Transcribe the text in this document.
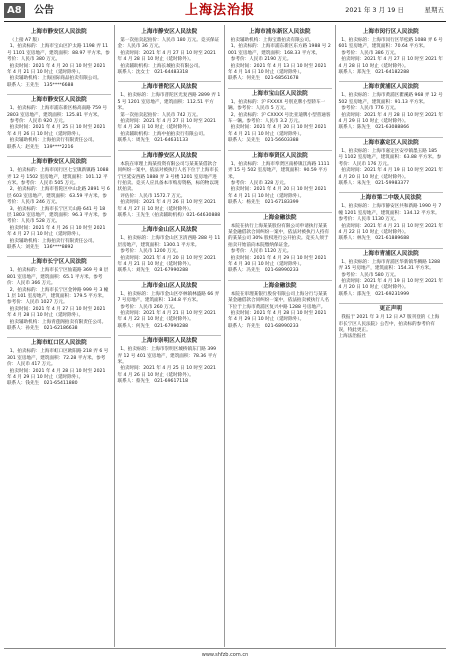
A8	公告	上海法治报	2021 年 3 月 19 日	星期五
上海市静安区人民法院
（上接 A7 版）
1、拍卖标的：上海市宝山区沪太路 1198 弄 11 号 1101 室房地产，建筑面积：88.97 平方米。参考价：人民币 380 万元。
拍卖时间：2021 年 4 月 20 日 10 时至 2021 年 4 月 21 日 10 时止（延时除外）。
拍卖辅助机构：上海国际商品拍卖有限公司。
联系人：王先生　135****6688
上海市静安区人民法院
1、拍卖标的：上海市浦东新区杨高南路 759 号 2803 室房地产，建筑面积：125.81 平方米。
参考价：人民币 920 万元。
拍卖时间：2021 年 4 月 25 日 10 时至 2021 年 4 月 26 日 10 时止（延时除外）。
拍卖辅助机构：上海拍卖行有限责任公司。
联系人：赵先生　139****2216
上海市静安区人民法院
1、拍卖标的：上海市闵行区七宝镇新镇路 1088 弄 12 号 1502 室房地产，建筑面积：101.12 平方米。参考价：人民币 505 万元。
2、拍卖标的：上海市普陀区中山北路 2891 号 6 层 603 室房地产，建筑面积：63.59 平方米。参考价：人民币 246 万元。
3、拍卖标的：上海市长宁区天山路 641 号 18 层 1803 室房地产，建筑面积：96.3 平方米。参考价：人民币 528 万元。
拍卖时间：2021 年 4 月 26 日 10 时至 2021 年 4 月 27 日 10 时止（延时除外）。
拍卖辅助机构：上海拍卖行有限责任公司。
联系人：刘先生　136****8892
上海市长宁区人民法院
1、拍卖标的：上海市长宁区仙霞路 369 号 8 层 801 室房地产，建筑面积：65.1 平方米。参考价：人民币 366 万元。
2、拍卖标的：上海市长宁区金钟路 999 号 3 幢 1 层 101 室房地产，建筑面积：179.5 平方米。参考价：人民币 1027 万元。
拍卖时间：2021 年 4 月 27 日 10 时至 2021 年 4 月 28 日 10 时止（延时除外）。
拍卖辅助机构：上海青莲阁拍卖有限责任公司。
联系人：孙先生　021-62186638
上海市虹口区人民法院
1、拍卖标的：上海市虹口区欧阳路 218 弄 6 号 301 室房地产，建筑面积：72.28 平方米。参考价：人民币 417 万元。
拍卖时间：2021 年 4 月 28 日 10 时至 2021 年 4 月 29 日 10 时止（延时除外）。
联系人：钱先生　021-65411880
上海市静安区人民法院
第一次拍卖起拍价：人民币 180 万元。竞买保证金：人民币 36 万元。
拍卖时间：2021 年 4 月 27 日 10 时至 2021 年 4 月 28 日 10 时止（延时除外）。
拍卖辅助机构：上海长城拍卖有限公司。
联系人：沈女士　021-64483318
上海市普陀区人民法院
1、拍卖标的：上海市普陀区光复西路 2899 弄 15 号 1201 室房地产，建筑面积：112.51 平方米。
第一次拍卖起拍价：人民币 742 万元。
拍卖时间：2021 年 4 月 27 日 10 时至 2021 年 4 月 28 日 10 时止（延时除外）。
拍卖辅助机构：上海中拍拍卖行有限公司。
联系人：周先生　021-64631133
上海市静安区人民法院
本院在审理上海某投资有限公司与某某某借款合同纠纷一案中，依法对被执行人名下位于上海市长宁区延安西路 1888 弄 3 号楼 1201 室房地产进行拍卖。竞买人应具备本市购房资格，标的物以现状拍卖。
评估价：人民币 1572.7 万元。
拍卖时间：2021 年 4 月 26 日 10 时至 2021 年 4 月 27 日 10 时止（延时除外）。
联系人：王先生（拍卖辅助机构）021-64630888
上海市金山区人民法院
1、拍卖标的：上海市金山区卫清西路 288 号 11 层房地产，建筑面积：1300.1 平方米。
参考价：人民币 1200 万元。
拍卖时间：2021 年 4 月 20 日 10 时至 2021 年 4 月 21 日 10 时止（延时除外）。
联系人：刘先生　021-67990288
上海市金山区人民法院
1、拍卖标的：上海市金山区亭林镇林盛路 66 弄 7 号房地产，建筑面积：134.8 平方米。
参考价：人民币 260 万元。
拍卖时间：2021 年 4 月 21 日 10 时至 2021 年 4 月 22 日 10 时止（延时除外）。
联系人：何先生　021-67990288
上海市崇明区人民法院
1、拍卖标的：上海市崇明区城桥镇东门路 399 弄 12 号 401 室房地产，建筑面积：78.36 平方米。
拍卖时间：2021 年 4 月 25 日 10 时至 2021 年 4 月 26 日 10 时止（延时除外）。
联系人：蔡先生　021-69617118
上海市浦东新区人民法院
拍卖辅助机构：上海宝鼎拍卖有限公司。
1、拍卖标的：上海市浦东新区东方路 1988 号 2001 室房地产，建筑面积：168.33 平方米。
参考价：人民币 2190 万元。
拍卖时间：2021 年 4 月 13 日 10 时至 2021 年 4 月 14 日 10 时止（延时除外）。
联系人：何先生　021-68561678
上海市宝山区人民法院
1、拍卖标的：沪 FXXXX 号别克牌小型轿车一辆。参考价：人民币 5 万元。
2、拍卖标的：沪 CXXXX 号比亚迪牌小型普通客车一辆。参考价：人民币 3.2 万元。
拍卖时间：2021 年 4 月 20 日 10 时至 2021 年 4 月 21 日 10 时止（延时除外）。
联系人：吴先生　021-56603388
上海市奉贤区人民法院
1、拍卖标的：上海市奉贤区南桥镇江海路 1111 弄 15 号 502 室房地产，建筑面积：90.59 平方米。
参考价：人民币 328 万元。
拍卖时间：2021 年 4 月 20 日 10 时至 2021 年 4 月 21 日 10 时止（延时除外）。
联系人：杨先生　021-67183399
上海金融法院
本院在执行上海某某股份有限公司申请执行某某某金融借款合同纠纷一案中，依法对被执行人持有的某某公司 30% 股权进行公开拍卖。竞买人须于拍卖开始前向本院缴纳保证金。
参考价：人民币 1120 万元。
拍卖时间：2021 年 4 月 29 日 10 时至 2021 年 4 月 30 日 10 时止（延时除外）。
联系人：冯先生　021-68990233
上海金融法院
本院在审理某银行股份有限公司上海分行与某某某金融借款合同纠纷一案中，依法拍卖被执行人名下位于上海市黄浦区复兴中路 1288 号房地产。
拍卖时间：2021 年 4 月 28 日 10 时至 2021 年 4 月 29 日 10 时止（延时除外）。
联系人：许先生　021-68990233
上海市闵行区人民法院
1、拍卖标的：上海市闵行区莘松路 1088 弄 6 号 601 室房地产，建筑面积：70.64 平方米。
参考价：人民币 386 万元。
拍卖时间：2021 年 4 月 27 日 10 时至 2021 年 4 月 28 日 10 时止（延时除外）。
联系人：郑先生　021-64182288
上海市黄浦区人民法院
1、拍卖标的：上海市黄浦区瞿溪路 968 弄 12 号 502 室房地产，建筑面积：91.13 平方米。
参考价：人民币 776 万元。
拍卖时间：2021 年 4 月 28 日 10 时至 2021 年 4 月 29 日 10 时止（延时除外）。
联系人：陈先生　021-63088866
上海市嘉定区人民法院
1、拍卖标的：上海市嘉定区安亭镇墨玉路 185 号 1102 室房地产，建筑面积：63.88 平方米。参考价：人民币 176 万元。
拍卖时间：2021 年 4 月 19 日 10 时至 2021 年 4 月 20 日 10 时止（延时除外）。
联系人：朱先生　021-59983377
上海市第二中级人民法院
1、拍卖标的：上海市静安区共和新路 1990 号 7 幢 1201 室房地产，建筑面积：134.12 平方米。参考价：人民币 1130 万元。
拍卖时间：2021 年 4 月 21 日 10 时至 2021 年 4 月 22 日 10 时止（延时除外）。
联系人：林先生　021-61889688
上海市青浦区人民法院
1、拍卖标的：上海市青浦区华新镇华腾路 1288 弄 35 号房地产，建筑面积：154.31 平方米。
参考价：人民币 580 万元。
拍卖时间：2021 年 4 月 19 日 10 时至 2021 年 4 月 20 日 10 时止（延时除外）。
联系人：邵先生　021-69231999
更正声明
我报于 2021 年 3 月 12 日 A7 版刊登的《上海市长宁区人民法院》公告中，拍卖标的参考价有误，特此更正。
上海法治报社
www.shfzb.com.cn
